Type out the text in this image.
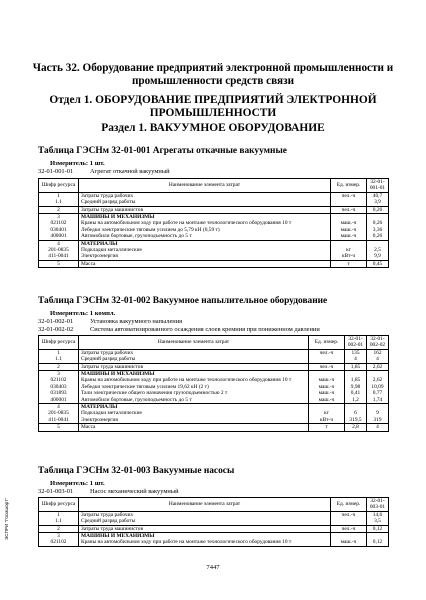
Часть 32. Оборудование предприятий электронной промышленности и промышленности средств связи
Отдел 1. ОБОРУДОВАНИЕ ПРЕДПРИЯТИЙ ЭЛЕКТРОННОЙ ПРОМЫШЛЕННОСТИ
Раздел 1. ВАКУУМНОЕ ОБОРУДОВАНИЕ
Таблица ГЭСНм 32-01-001 Агрегаты откачные вакуумные
Измеритель: 1 шт.
32-01-001-01	Агрегат откачной вакуумный
Шифр ресурса	Наименование элемента затрат	Ед. измер.	32-01-001-01
1	Затраты труда рабочих	чел.-ч	40,7
1.1	Средний разряд работы		3,9
2	Затраты труда машинистов	чел.-ч	0,26
3	МАШИНЫ И МЕХАНИЗМЫ		
021102	Краны на автомобильном ходу при работе на монтаже технологического оборудования 10 т	маш.-ч	0,26
030401	Лебедки электрические тяговым усилием до 5,79 кН (0,59 т)	маш.-ч	3,36
400001	Автомобили бортовые, грузоподъемность до 5 т	маш.-ч	0,26
4	МАТЕРИАЛЫ		
201-0835	Подкладки металлические	кг	2,5
411-0041	Электроэнергия	кВт-ч	9,9
5	Масса	т	0,45
Таблица ГЭСНм 32-01-002 Вакуумное напылительное оборудование
Измеритель: 1 компл.
32-01-002-01	Установка вакуумного напыления
32-01-002-02	Система автоматизированного осаждения слоев кремния при пониженном давлении
Шифр ресурса	Наименование элемента затрат	Ед. измер.	32-01-002-01	32-01-002-02
1	Затраты труда рабочих	чел.-ч	135	162
1.1	Средний разряд работы		4	4
2	Затраты труда машинистов	чел.-ч	1,85	2,62
3	МАШИНЫ И МЕХАНИЗМЫ			
021102	Краны на автомобильном ходу при работе на монтаже технологического оборудования 10 т	маш.-ч	1,85	2,62
030403	Лебедки электрические тяговым усилием 19,62 кН (2 т)	маш.-ч	9,98	10,09
031893	Тали электрические общего назначения грузоподъемностью 2 т	маш.-ч	0,41	0,77
400001	Автомобили бортовые, грузоподъемность до 5 т	маш.-ч	1,2	1,74
4	МАТЕРИАЛЫ			
201-0835	Подкладки металлические	кг	6	9
411-0041	Электроэнергия	кВт-ч	319,5	319
5	Масса	т	2,8	4
Таблица ГЭСНм 32-01-003 Вакуумные насосы
Измеритель: 1 шт.
32-01-003-01	Насос механический вакуумный
Шифр ресурса	Наименование элемента затрат	Ед. измер.	32-01-003-01
1	Затраты труда рабочих	чел.-ч	14,6
1.1	Средний разряд работы		3,5
2	Затраты труда машинистов	чел.-ч	0,12
3	МАШИНЫ И МЕХАНИЗМЫ		
021102	Краны на автомобильном ходу при работе на монтаже технологического оборудования 10 т	маш.-ч	0,12
7447
ЭСПРИ "Госмшорт"
